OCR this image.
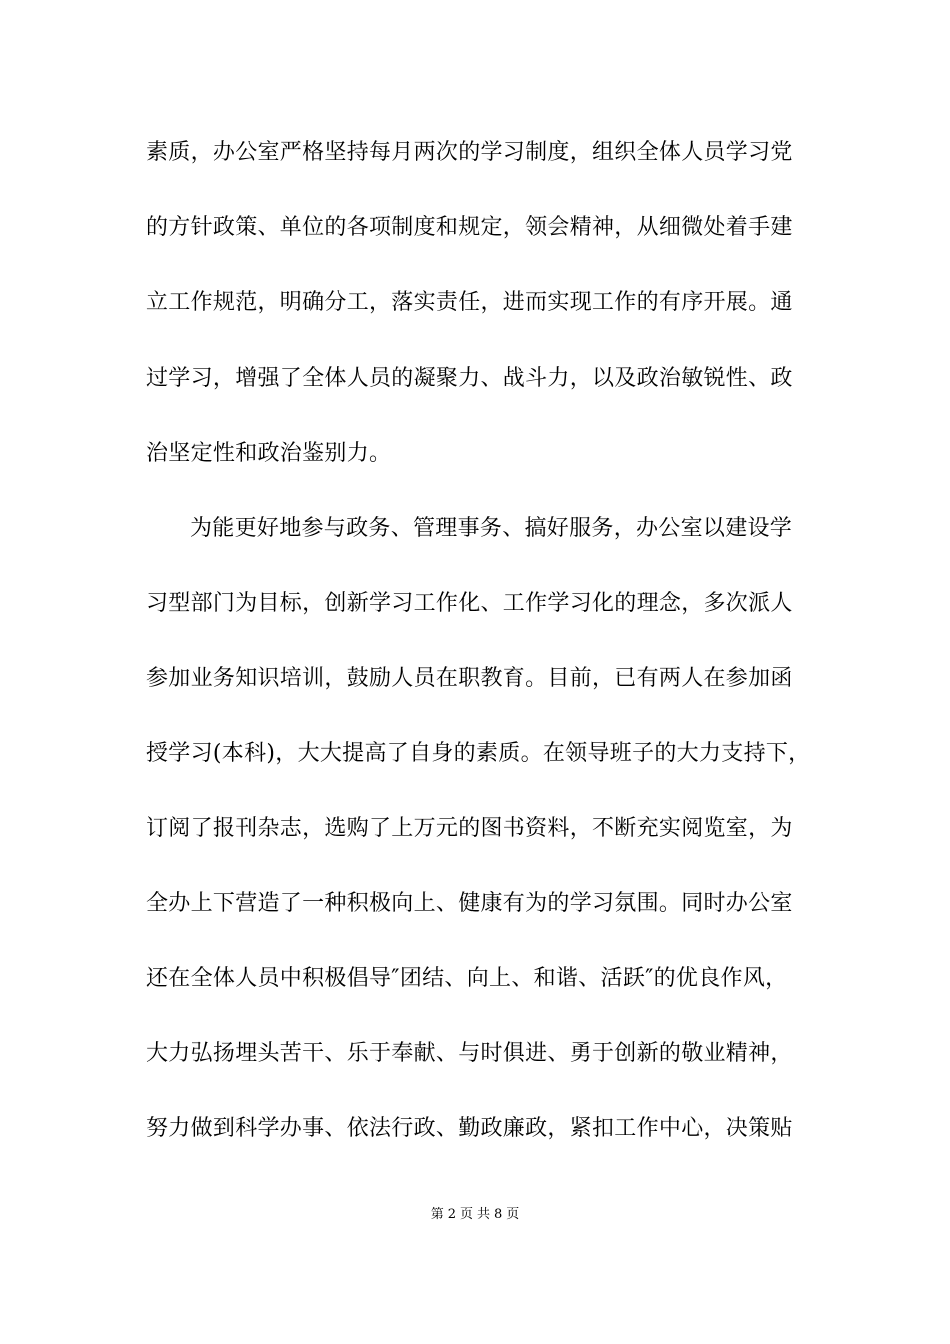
素质，办公室严格坚持每月两次的学习制度，组织全体人员学习党
的方针政策、单位的各项制度和规定，领会精神，从细微处着手建
立工作规范，明确分工，落实责任，进而实现工作的有序开展。通
过学习，增强了全体人员的凝聚力、战斗力，以及政治敏锐性、政
治坚定性和政治鉴别力。
为能更好地参与政务、管理事务、搞好服务，办公室以建设学
习型部门为目标，创新学习工作化、工作学习化的理念，多次派人
参加业务知识培训，鼓励人员在职教育。目前，已有两人在参加函
授学习(本科)，大大提高了自身的素质。在领导班子的大力支持下，
订阅了报刊杂志，选购了上万元的图书资料，不断充实阅览室，为
全办上下营造了一种积极向上、健康有为的学习氛围。同时办公室
还在全体人员中积极倡导″团结、向上、和谐、活跃″的优良作风，
大力弘扬埋头苦干、乐于奉献、与时俱进、勇于创新的敬业精神，
努力做到科学办事、依法行政、勤政廉政，紧扣工作中心，决策贴
第 2 页 共 8 页
